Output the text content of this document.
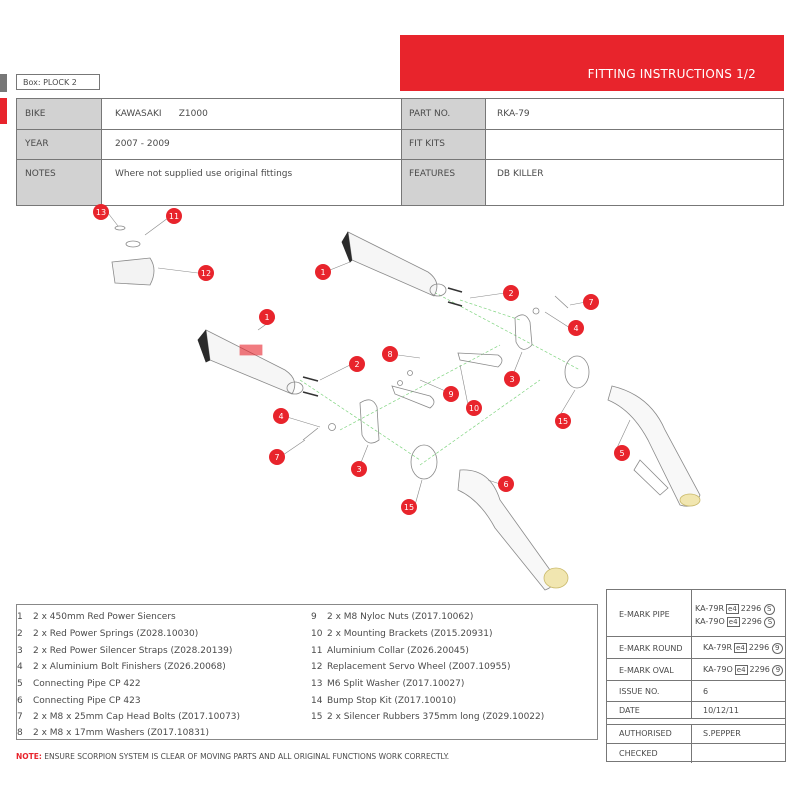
FITTING INSTRUCTIONS 1/2
Box: PLOCK 2
BIKE	KAWASAKI      Z1000
YEAR	2007 - 2009
NOTES	Where not supplied use original fittings
PART NO.	RKA-79
FIT KITS
FEATURES	DB KILLER
1
1
2
2
3
3
4
4
5
6
7
7
8
9
10
11
12
13
15
15
1 2 x 450mm Red Power Siencers
2 2 x Red Power Springs (Z028.10030)
3 2 x Red Power Silencer Straps (Z028.20139)
4 2 x Aluminium Bolt Finishers (Z026.20068)
5 Connecting Pipe CP 422
6 Connecting Pipe CP 423
7 2 x M8 x 25mm Cap Head Bolts (Z017.10073)
8 2 x M8 x 17mm Washers (Z017.10831)
9 2 x M8 Nyloc Nuts (Z017.10062)
10 2 x Mounting Brackets (Z015.20931)
11 Aluminium Collar (Z026.20045)
12 Replacement Servo Wheel (Z007.10955)
13 M6 Split Washer (Z017.10027)
14 Bump Stop Kit (Z017.10010)
15 2 x Silencer Rubbers 375mm long (Z029.10022)
NOTE: ENSURE SCORPION SYSTEM IS CLEAR OF MOVING PARTS AND ALL ORIGINAL FUNCTIONS WORK CORRECTLY.
E-MARK PIPE
KA-79R e4 2296 S
KA-79O e4 2296 S
E-MARK ROUND	KA-79R e4 2296 9
E-MARK OVAL	KA-79O e4 2296 9
ISSUE NO.	6
DATE	10/12/11
AUTHORISED	S.PEPPER
CHECKED
